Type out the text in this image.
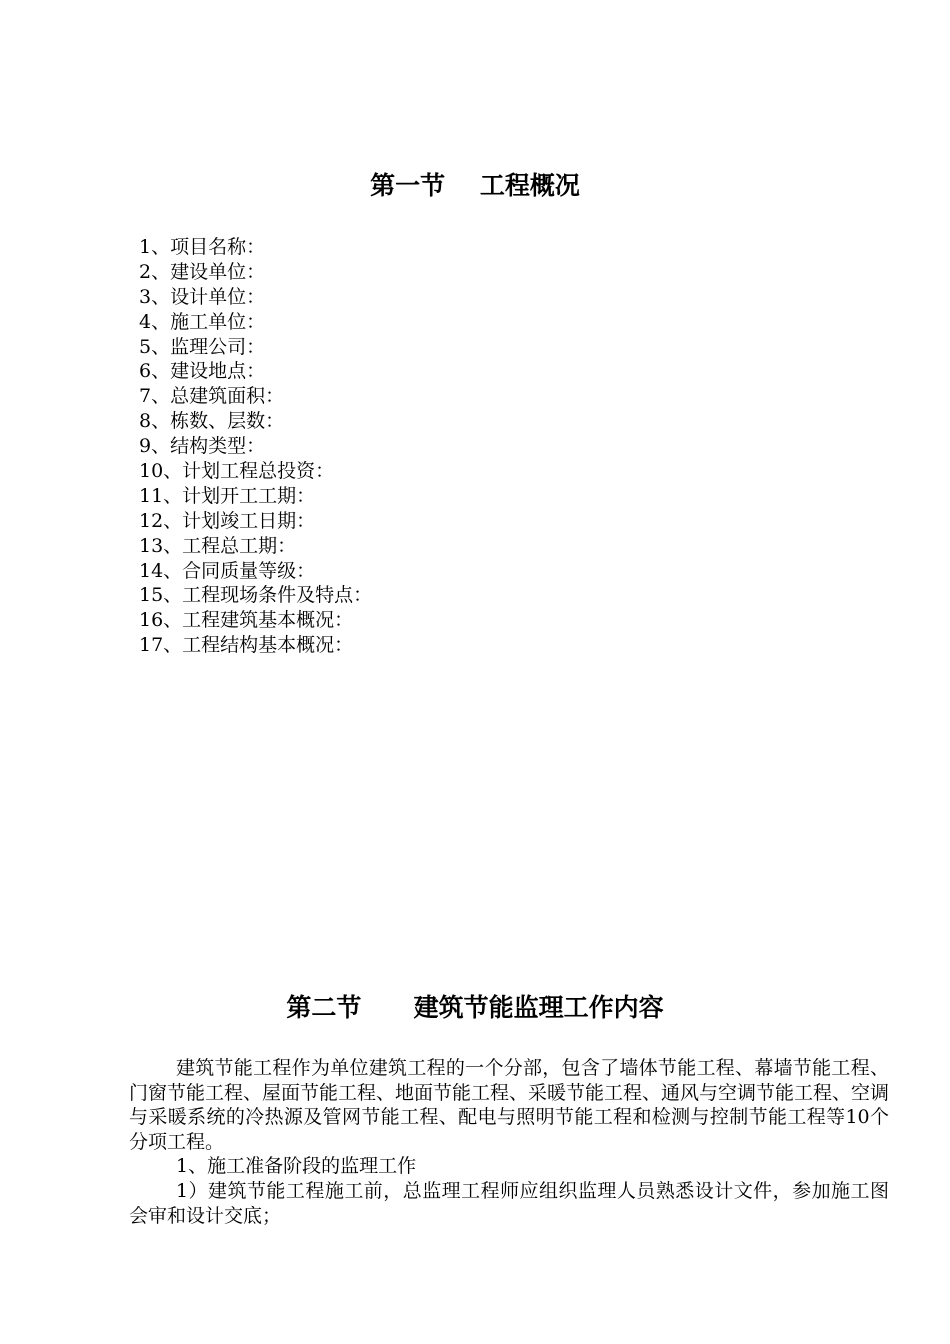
第一节    工程概况
1、项目名称：
2、建设单位：
3、设计单位：
4、施工单位：
5、监理公司：
6、建设地点：
7、总建筑面积：
8、栋数、层数：
9、结构类型：
10、计划工程总投资：
11、计划开工工期：
12、计划竣工日期：
13、工程总工期：
14、合同质量等级：
15、工程现场条件及特点：
16、工程建筑基本概况：
17、工程结构基本概况：
第二节      建筑节能监理工作内容

建筑节能工程作为单位建筑工程的一个分部，包含了墙体节能工程、幕墙节能工程、门窗节能工程、屋面节能工程、地面节能工程、采暖节能工程、通风与空调节能工程、空调与采暖系统的冷热源及管网节能工程、配电与照明节能工程和检测与控制节能工程等10个分项工程。

1、施工准备阶段的监理工作

1）建筑节能工程施工前，总监理工程师应组织监理人员熟悉设计文件，参加施工图会审和设计交底；
